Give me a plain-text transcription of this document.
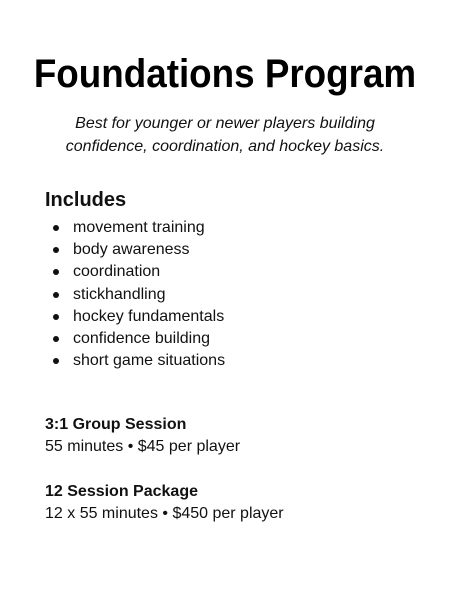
Foundations Program
Best for younger or newer players building confidence, coordination, and hockey basics.
Includes
movement training
body awareness
coordination
stickhandling
hockey fundamentals
confidence building
short game situations
3:1 Group Session
55 minutes • $45 per player
12 Session Package
12 x 55 minutes • $450 per player
